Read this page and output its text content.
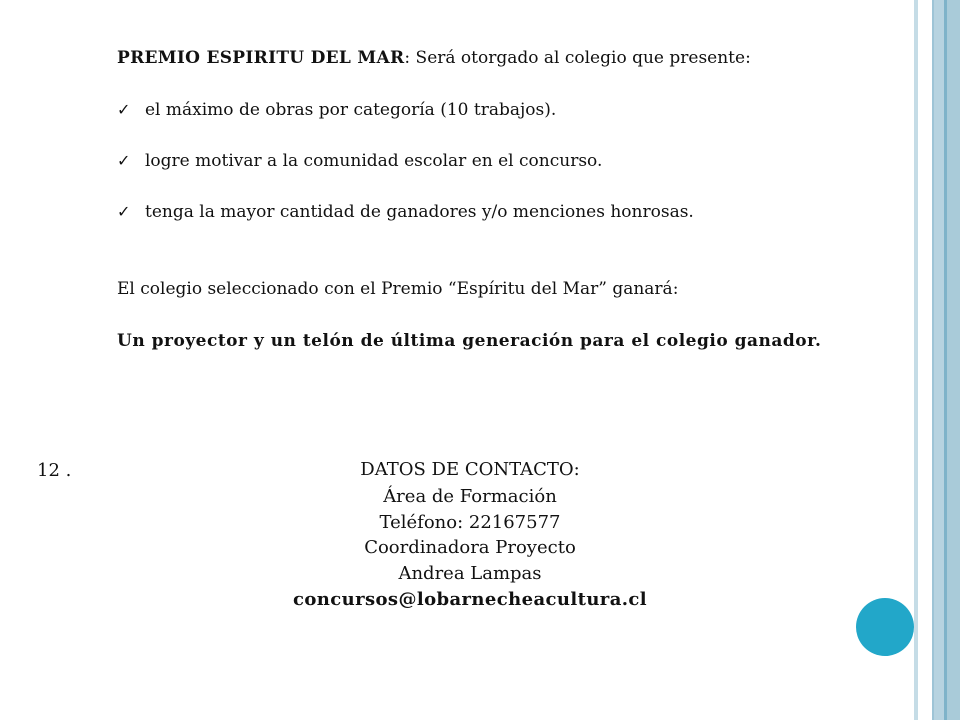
PREMIO ESPIRITU DEL MAR: Será otorgado al colegio que presente:
✓ el máximo de obras por categoría (10 trabajos).
✓ logre motivar a la comunidad escolar en el concurso.
✓ tenga la mayor cantidad de ganadores y/o menciones honrosas.
El colegio seleccionado con el Premio “Espíritu del Mar” ganará:
Un proyector y un telón de última generación para el colegio ganador.
12 .	DATOS DE CONTACTO:
Área de Formación
Teléfono: 22167577
Coordinadora Proyecto
Andrea Lampas
concursos@lobarnecheacultura.cl
